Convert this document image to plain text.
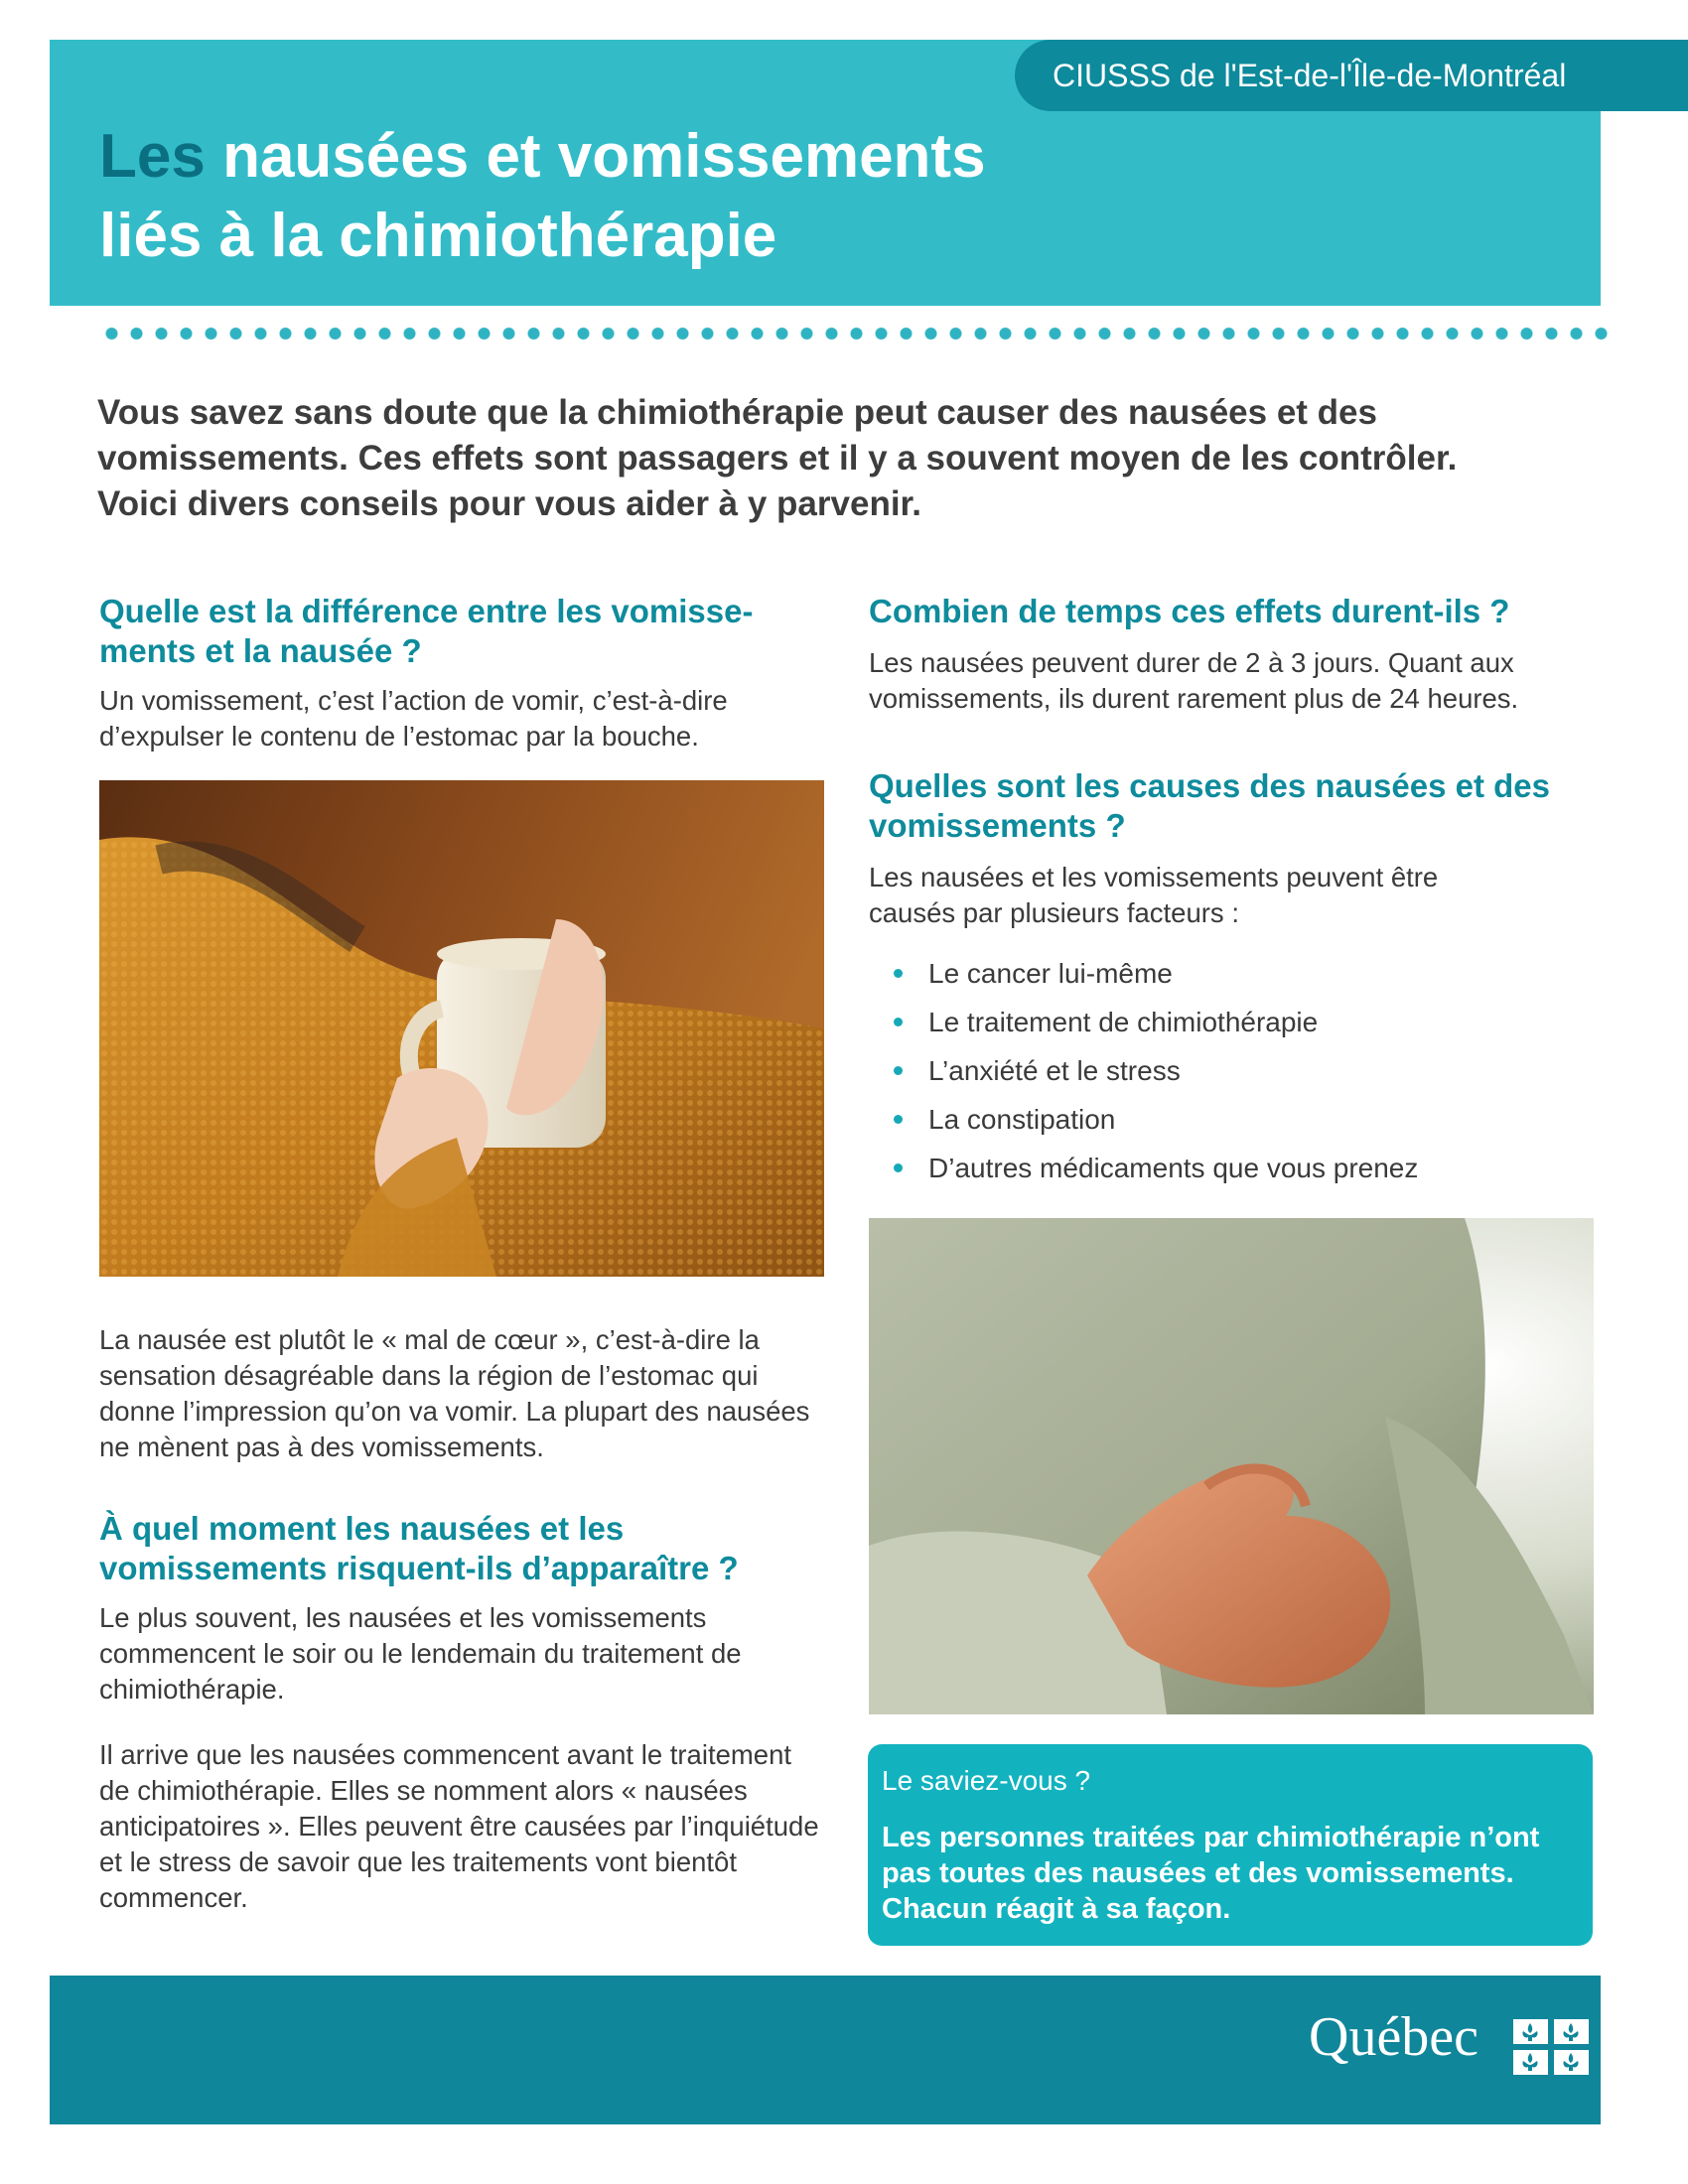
CIUSSS de l'Est-de-l'Île-de-Montréal
Les nausées et vomissements
liés à la chimiothérapie

Vous savez sans doute que la chimiothérapie peut causer des nausées et des vomissements. Ces effets sont passagers et il y a souvent moyen de les contrôler. Voici divers conseils pour vous aider à y parvenir.

Quelle est la différence entre les vomissements et la nausée ?

Un vomissement, c’est l’action de vomir, c’est-à-dire d’expulser le contenu de l’estomac par la bouche.

La nausée est plutôt le « mal de cœur », c’est-à-dire la sensation désagréable dans la région de l’estomac qui donne l’impression qu’on va vomir. La plupart des nausées ne mènent pas à des vomissements.

À quel moment les nausées et les vomissements risquent-ils d’apparaître ?

Le plus souvent, les nausées et les vomissements commencent le soir ou le lendemain du traitement de chimiothérapie.

Il arrive que les nausées commencent avant le traitement de chimiothérapie. Elles se nomment alors « nausées anticipatoires ». Elles peuvent être causées par l’inquiétude et le stress de savoir que les traitements vont bientôt commencer.

Combien de temps ces effets durent-ils ?

Les nausées peuvent durer de 2 à 3 jours. Quant aux vomissements, ils durent rarement plus de 24 heures.

Quelles sont les causes des nausées et des vomissements ?

Les nausées et les vomissements peuvent être causés par plusieurs facteurs :

Le cancer lui-même
Le traitement de chimiothérapie
L’anxiété et le stress
La constipation
D’autres médicaments que vous prenez
Le saviez-vous ?
Les personnes traitées par chimiothérapie n’ont pas toutes des nausées et des vomissements. Chacun réagit à sa façon.
Québec
